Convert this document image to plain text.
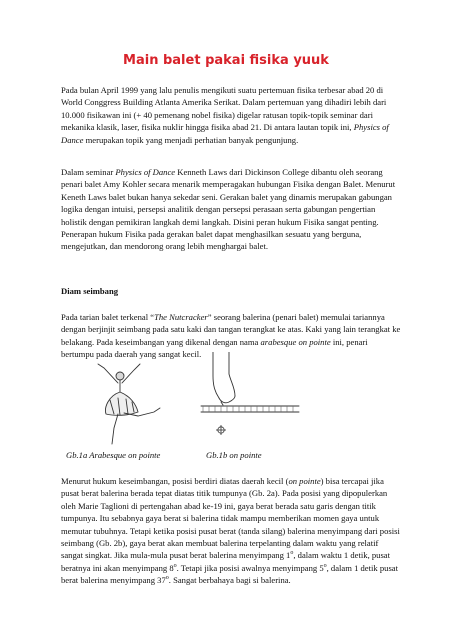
Main balet pakai fisika yuuk

Pada bulan April 1999 yang lalu penulis mengikuti suatu pertemuan fisika terbesar abad 20 di World Conggress Building Atlanta Amerika Serikat. Dalam pertemuan yang dihadiri lebih dari 10.000 fisikawan ini (+ 40 pemenang nobel fisika) digelar ratusan topik-topik seminar dari mekanika klasik, laser, fisika nuklir hingga fisika abad 21. Di antara lautan topik ini, Physics of Dance merupakan topik yang menjadi perhatian banyak pengunjung.

Dalam seminar Physics of Dance Kenneth Laws dari Dickinson College dibantu oleh seorang penari balet Amy Kohler secara menarik memperagakan hubungan Fisika dengan Balet. Menurut Keneth Laws balet bukan hanya sekedar seni. Gerakan balet yang dinamis merupakan gabungan logika dengan intuisi, persepsi analitik dengan persepsi perasaan serta gabungan pengertian holistik dengan pemikiran langkah demi langkah. Disini peran hukum Fisika sangat penting. Penerapan hukum Fisika pada gerakan balet dapat menghasilkan sesuatu yang berguna, mengejutkan, dan mendorong orang lebih menghargai balet.

Diam seimbang

Pada tarian balet terkenal “The Nutcracker” seorang balerina (penari balet) memulai tariannya dengan berjinjit seimbang pada satu kaki dan tangan terangkat ke atas. Kaki yang lain terangkat ke belakang. Pada keseimbangan yang dikenal dengan nama arabesque on pointe ini, penari bertumpu pada daerah yang sangat kecil.

Gb.1a Arabesque on pointe	Gb.1b on pointe

Menurut hukum keseimbangan, posisi berdiri diatas daerah kecil (on pointe) bisa tercapai jika pusat berat balerina berada tepat diatas titik tumpunya (Gb. 2a). Pada posisi yang dipopulerkan oleh Marie Taglioni di pertengahan abad ke-19 ini, gaya berat berada satu garis dengan titik tumpunya. Itu sebabnya gaya berat si balerina tidak mampu memberikan momen gaya untuk memutar tubuhnya. Tetapi ketika posisi pusat berat (tanda silang) balerina menyimpang dari posisi seimbang (Gb. 2b), gaya berat akan membuat balerina terpelanting dalam waktu yang relatif sangat singkat. Jika mula-mula pusat berat balerina menyimpang 1$^o$, dalam waktu 1 detik, pusat beratnya ini akan menyimpang 8$^o$. Tetapi jika posisi awalnya menyimpang 5$^o$, dalam 1 detik pusat berat balerina menyimpang 37$^o$. Sangat berbahaya bagi si balerina.
